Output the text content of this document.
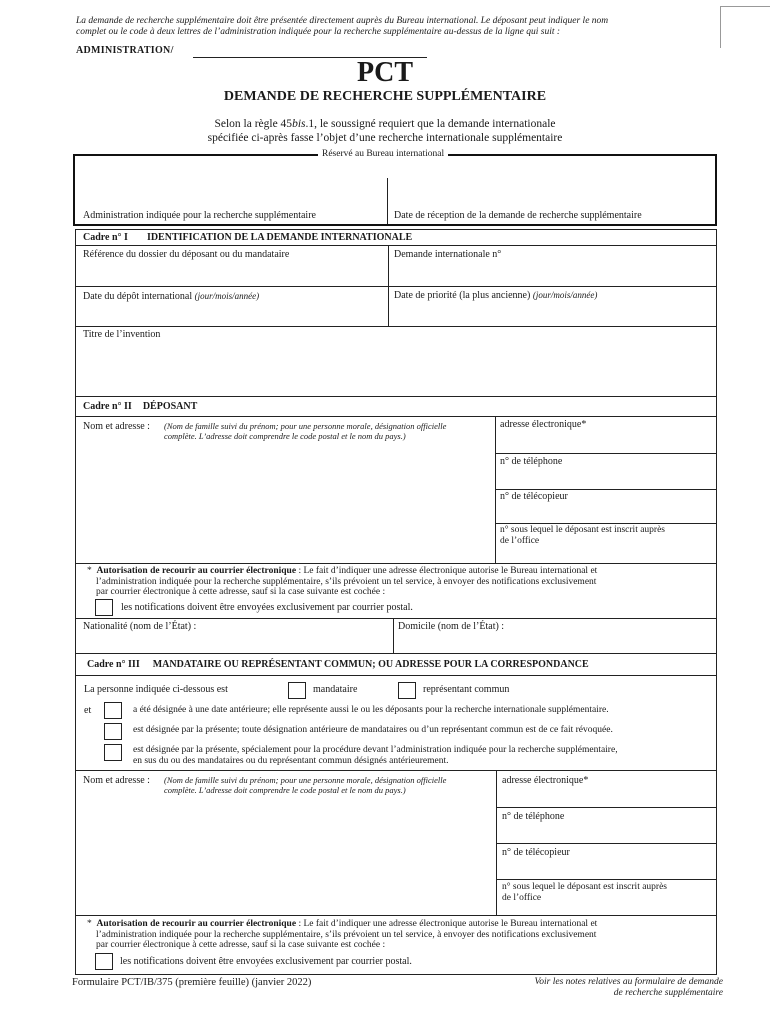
La demande de recherche supplémentaire doit être présentée directement auprès du Bureau international. Le déposant peut indiquer le nom
complet ou le code à deux lettres de l’administration indiquée pour la recherche supplémentaire au-dessus de la ligne qui suit :
ADMINISTRATION/
PCT
DEMANDE DE RECHERCHE SUPPLÉMENTAIRE
Selon la règle 45bis.1, le soussigné requiert que la demande internationale
spécifiée ci-après fasse l’objet d’une recherche internationale supplémentaire
Réservé au Bureau international
Administration indiquée pour la recherche supplémentaire	Date de réception de la demande de recherche supplémentaire
Cadre n° I IDENTIFICATION DE LA DEMANDE INTERNATIONALE
Référence du dossier du déposant ou du mandataire	Demande internationale n°
Date du dépôt international (jour/mois/année)	Date de priorité (la plus ancienne) (jour/mois/année)
Titre de l’invention
Cadre n° II DÉPOSANT
Nom et adresse : (Nom de famille suivi du prénom; pour une personne morale, désignation officielle
complète. L’adresse doit comprendre le code postal et le nom du pays.)
adresse électronique*
n° de téléphone
n° de télécopieur
n° sous lequel le déposant est inscrit auprès
de l’office
* Autorisation de recourir au courrier électronique : Le fait d’indiquer une adresse électronique autorise le Bureau international et
l’administration indiquée pour la recherche supplémentaire, s’ils prévoient un tel service, à envoyer des notifications exclusivement
par courrier électronique à cette adresse, sauf si la case suivante est cochée :
les notifications doivent être envoyées exclusivement par courrier postal.
Nationalité (nom de l’État) :	Domicile (nom de l’État) :
Cadre n° III MANDATAIRE OU REPRÉSENTANT COMMUN; OU ADRESSE POUR LA CORRESPONDANCE
La personne indiquée ci-dessous est	mandataire	représentant commun
et	a été désignée à une date antérieure; elle représente aussi le ou les déposants pour la recherche internationale supplémentaire.
est désignée par la présente; toute désignation antérieure de mandataires ou d’un représentant commun est de ce fait révoquée.
est désignée par la présente, spécialement pour la procédure devant l’administration indiquée pour la recherche supplémentaire,
en sus du ou des mandataires ou du représentant commun désignés antérieurement.
Nom et adresse : (Nom de famille suivi du prénom; pour une personne morale, désignation officielle
complète. L’adresse doit comprendre le code postal et le nom du pays.)
adresse électronique*
n° de téléphone
n° de télécopieur
n° sous lequel le déposant est inscrit auprès
de l’office
* Autorisation de recourir au courrier électronique : Le fait d’indiquer une adresse électronique autorise le Bureau international et
l’administration indiquée pour la recherche supplémentaire, s’ils prévoient un tel service, à envoyer des notifications exclusivement
par courrier électronique à cette adresse, sauf si la case suivante est cochée :
les notifications doivent être envoyées exclusivement par courrier postal.
Formulaire PCT/IB/375 (première feuille) (janvier 2022)	Voir les notes relatives au formulaire de demande
de recherche supplémentaire
